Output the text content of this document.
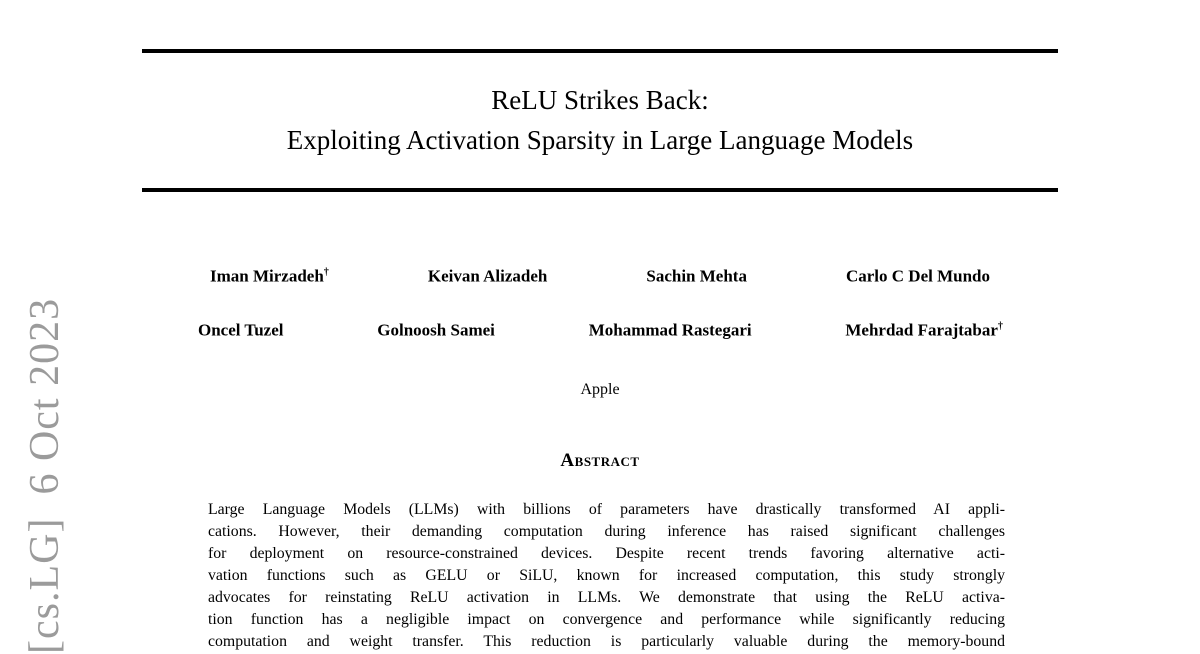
[cs.LG]  6 Oct 2023
ReLU Strikes Back:
Exploiting Activation Sparsity in Large Language Models
Iman Mirzadeh†	Keivan Alizadeh	Sachin Mehta	Carlo C Del Mundo
Oncel Tuzel	Golnoosh Samei	Mohammad Rastegari	Mehrdad Farajtabar†
Apple
Abstract
Large Language Models (LLMs) with billions of parameters have drastically transformed AI appli-
cations. However, their demanding computation during inference has raised significant challenges
for deployment on resource-constrained devices. Despite recent trends favoring alternative acti-
vation functions such as GELU or SiLU, known for increased computation, this study strongly
advocates for reinstating ReLU activation in LLMs. We demonstrate that using the ReLU activa-
tion function has a negligible impact on convergence and performance while significantly reducing
computation and weight transfer. This reduction is particularly valuable during the memory-bound
